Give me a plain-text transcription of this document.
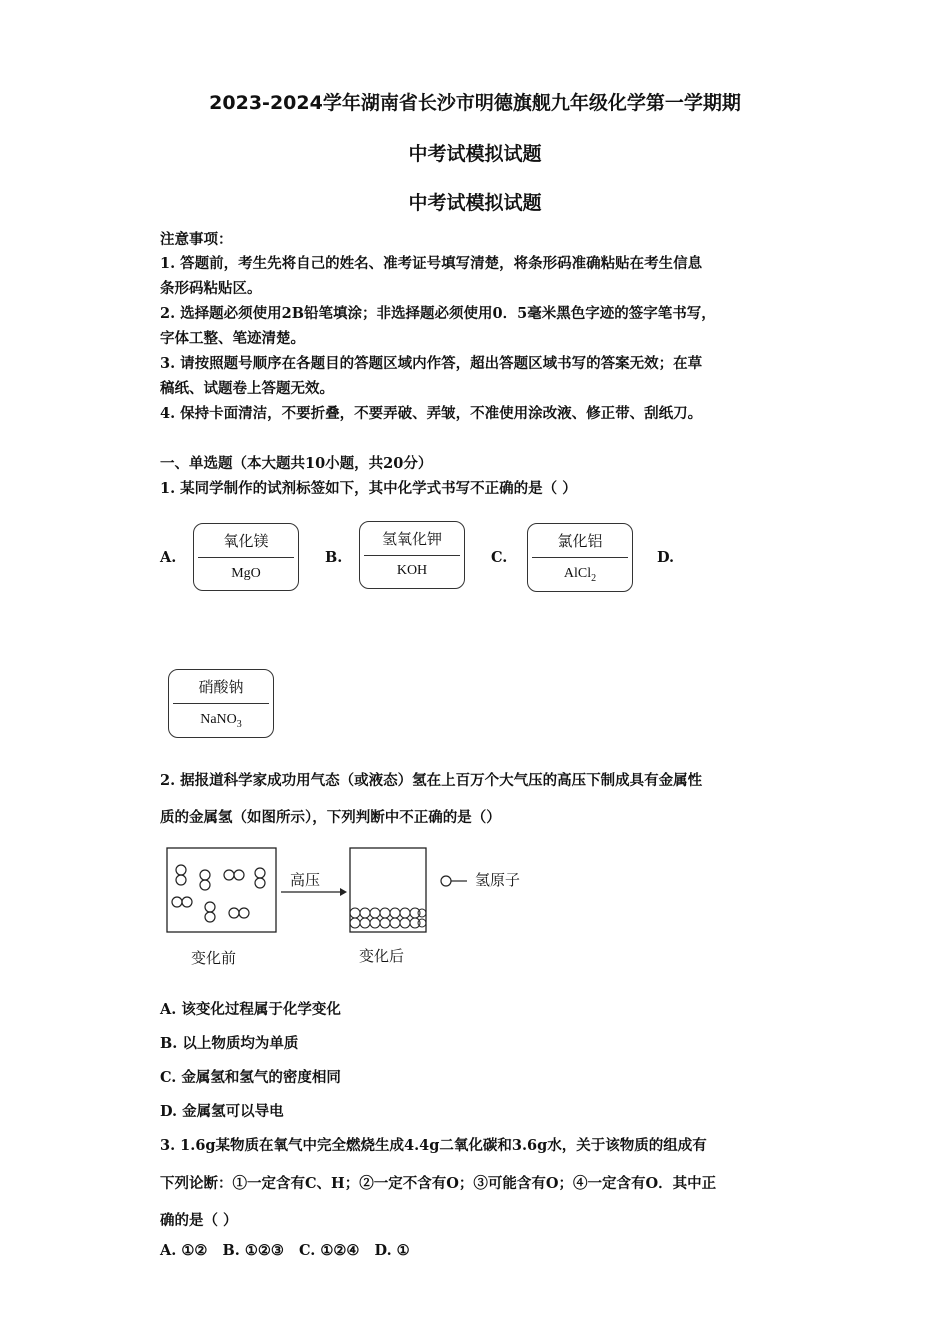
2023-2024学年湖南省长沙市明德旗舰九年级化学第一学期期
中考试模拟试题
中考试模拟试题
注意事项：
1. 答题前，考生先将自己的姓名、准考证号填写清楚，将条形码准确粘贴在考生信息
条形码粘贴区。
2. 选择题必须使用2B铅笔填涂；非选择题必须使用0．5毫米黑色字迹的签字笔书写，
字体工整、笔迹清楚。
3. 请按照题号顺序在各题目的答题区域内作答，超出答题区域书写的答案无效；在草
稿纸、试题卷上答题无效。
4. 保持卡面清洁，不要折叠，不要弄破、弄皱，不准使用涂改液、修正带、刮纸刀。
一、单选题（本大题共10小题，共20分）
1. 某同学制作的试剂标签如下，其中化学式书写不正确的是（ ）
A.
氧化镁
MgO
B.
氢氧化钾
KOH
C.
氯化铝
AlCl$_2$
D.
硝酸钠
NaNO$_3$
2. 据报道科学家成功用气态（或液态）氢在上百万个大气压的高压下制成具有金属性
质的金属氢（如图所示），下列判断中不正确的是（）
高压	氢原子
变化前	变化后
A. 该变化过程属于化学变化
B. 以上物质均为单质
C. 金属氢和氢气的密度相同
D. 金属氢可以导电
3. 1.6g某物质在氧气中完全燃烧生成4.4g二氧化碳和3.6g水，关于该物质的组成有
下列论断：①一定含有C、H；②一定不含有O；③可能含有O；④一定含有O．其中正
确的是（ ）
A. ①②   B. ①②③   C. ①②④   D. ①
